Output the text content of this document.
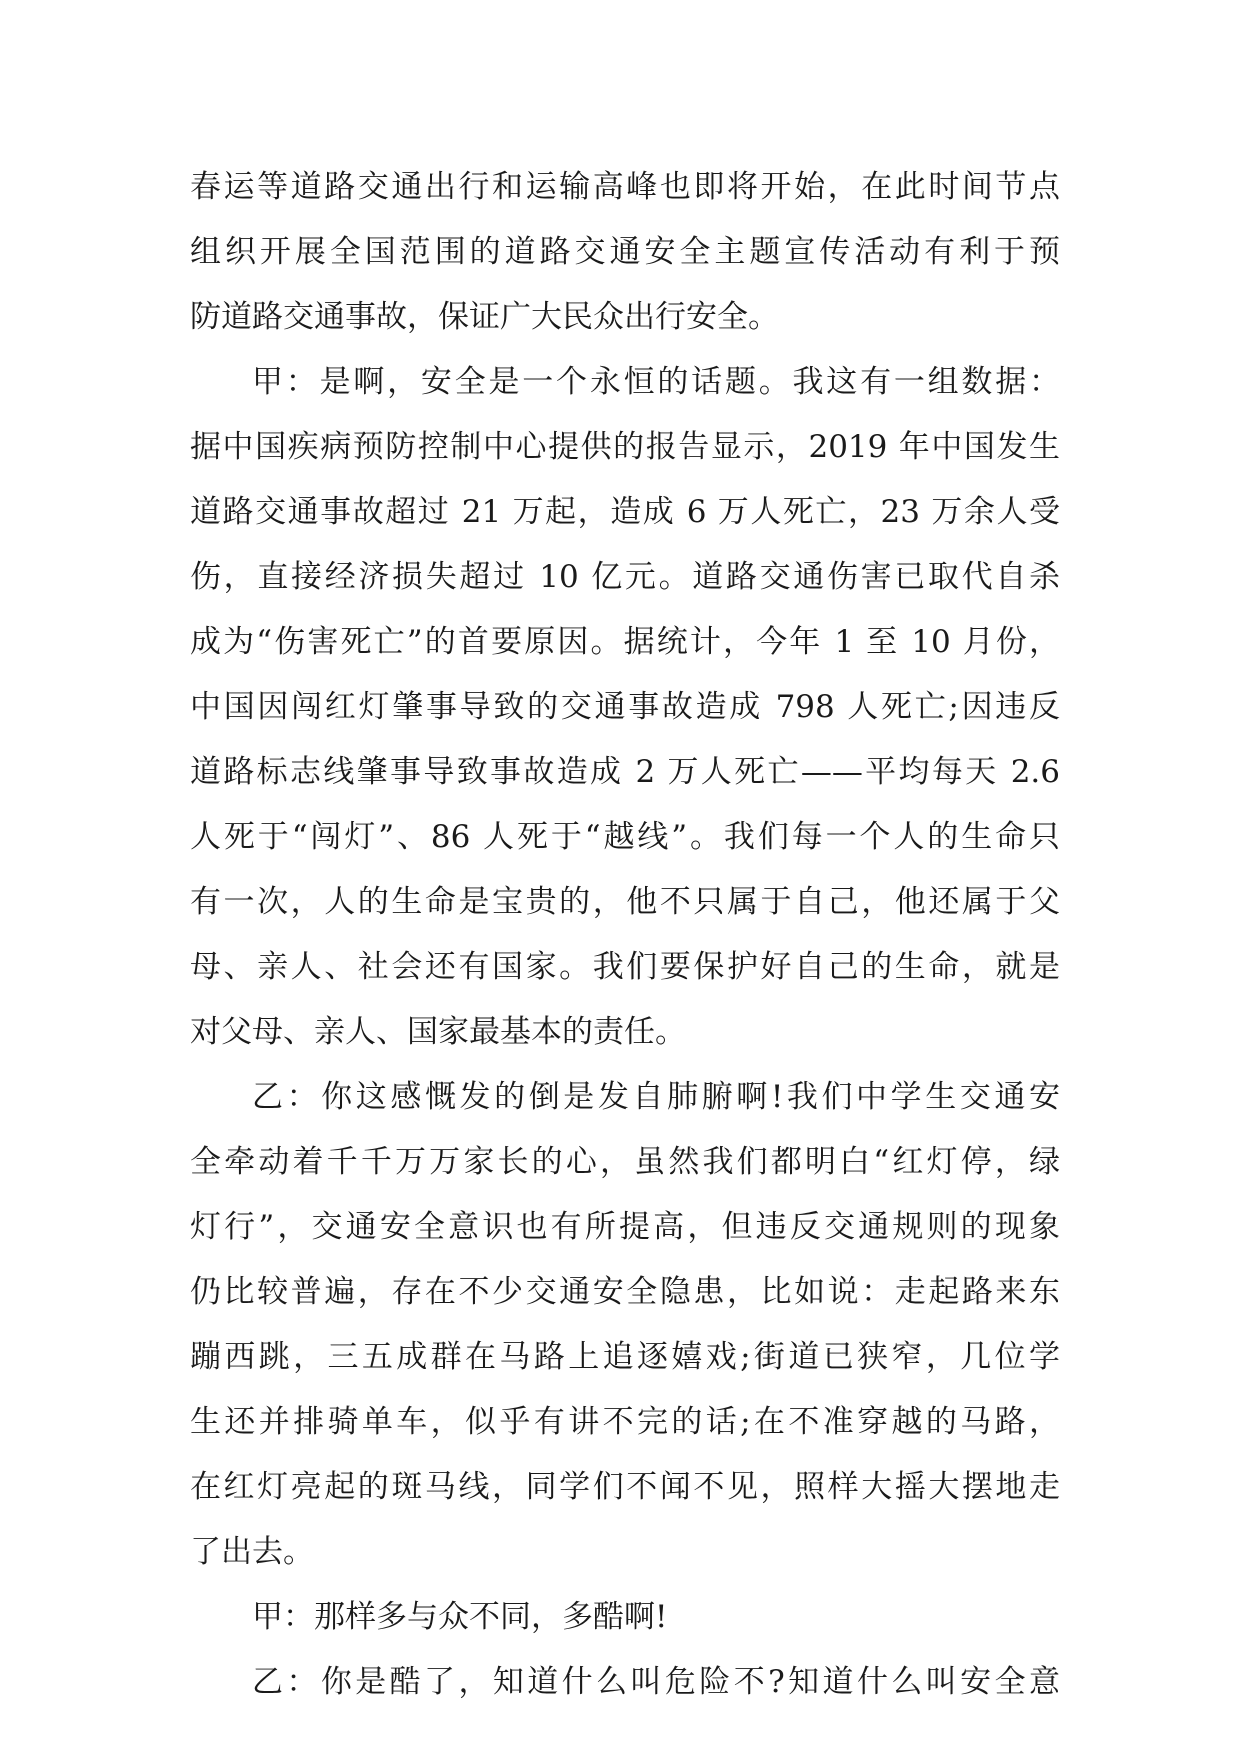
春运等道路交通出行和运输高峰也即将开始，在此时间节点
组织开展全国范围的道路交通安全主题宣传活动有利于预
防道路交通事故，保证广大民众出行安全。
甲：是啊，安全是一个永恒的话题。我这有一组数据：
据中国疾病预防控制中心提供的报告显示，2019 年中国发生
道路交通事故超过 21 万起，造成 6 万人死亡，23 万余人受
伤，直接经济损失超过 10 亿元。道路交通伤害已取代自杀
成为“伤害死亡”的首要原因。据统计，今年 1 至 10 月份，
中国因闯红灯肇事导致的交通事故造成 798 人死亡;因违反
道路标志线肇事导致事故造成 2 万人死亡——平均每天 2.6
人死于“闯灯”、86 人死于“越线”。我们每一个人的生命只
有一次，人的生命是宝贵的，他不只属于自己，他还属于父
母、亲人、社会还有国家。我们要保护好自己的生命，就是
对父母、亲人、国家最基本的责任。
乙：你这感慨发的倒是发自肺腑啊!我们中学生交通安
全牵动着千千万万家长的心，虽然我们都明白“红灯停，绿
灯行”，交通安全意识也有所提高，但违反交通规则的现象
仍比较普遍，存在不少交通安全隐患，比如说：走起路来东
蹦西跳，三五成群在马路上追逐嬉戏;街道已狭窄，几位学
生还并排骑单车，似乎有讲不完的话;在不准穿越的马路，
在红灯亮起的斑马线，同学们不闻不见，照样大摇大摆地走
了出去。
甲：那样多与众不同，多酷啊!
乙：你是酷了，知道什么叫危险不?知道什么叫安全意
